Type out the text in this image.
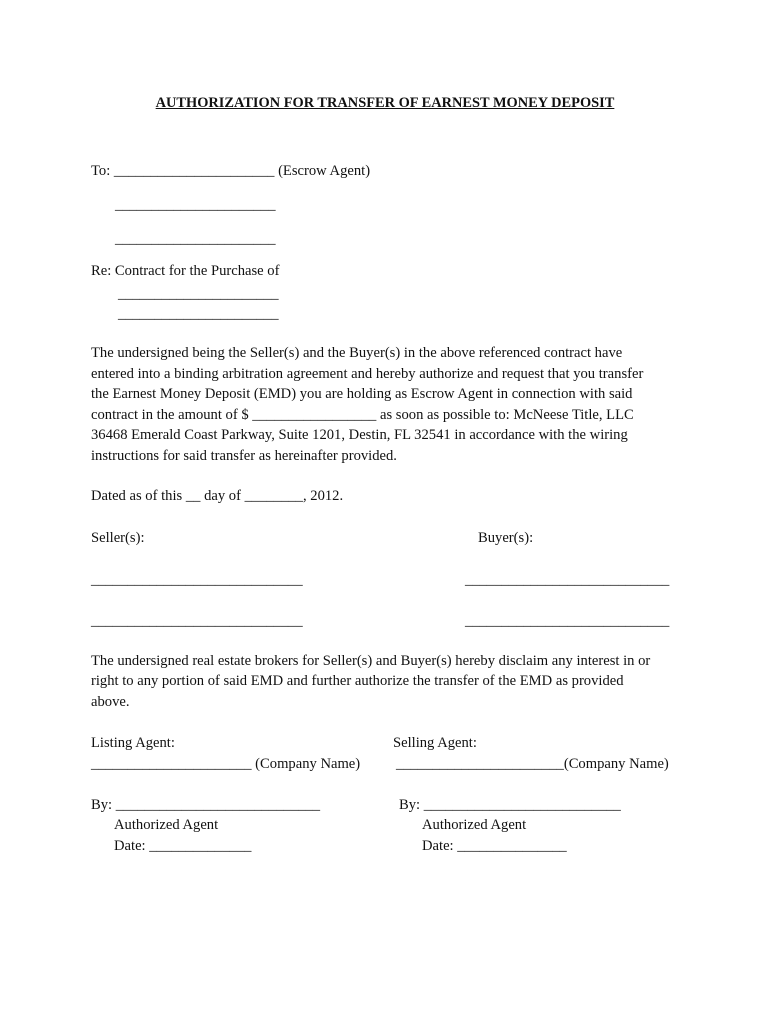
AUTHORIZATION FOR TRANSFER OF EARNEST MONEY DEPOSIT
To: ______________________ (Escrow Agent)
______________________
______________________
Re: Contract for the Purchase of
______________________
______________________
The undersigned being the Seller(s) and the Buyer(s) in the above referenced contract have
entered into a binding arbitration agreement and hereby authorize and request that you transfer
the Earnest Money Deposit (EMD) you are holding as Escrow Agent in connection with said
contract in the amount of $ _________________ as soon as possible to: McNeese Title, LLC
36468 Emerald Coast Parkway, Suite 1201, Destin, FL 32541 in accordance with the wiring
instructions for said transfer as hereinafter provided.
Dated as of this __ day of ________, 2012.
Seller(s):	Buyer(s):
_____________________________	____________________________
_____________________________	____________________________
The undersigned real estate brokers for Seller(s) and Buyer(s) hereby disclaim any interest in or
right to any portion of said EMD and further authorize the transfer of the EMD as provided
above.
Listing Agent:	Selling Agent:
______________________ (Company Name) _______________________(Company Name)
By: ____________________________	By: ___________________________
Authorized Agent	Authorized Agent
Date: ______________	Date: _______________
